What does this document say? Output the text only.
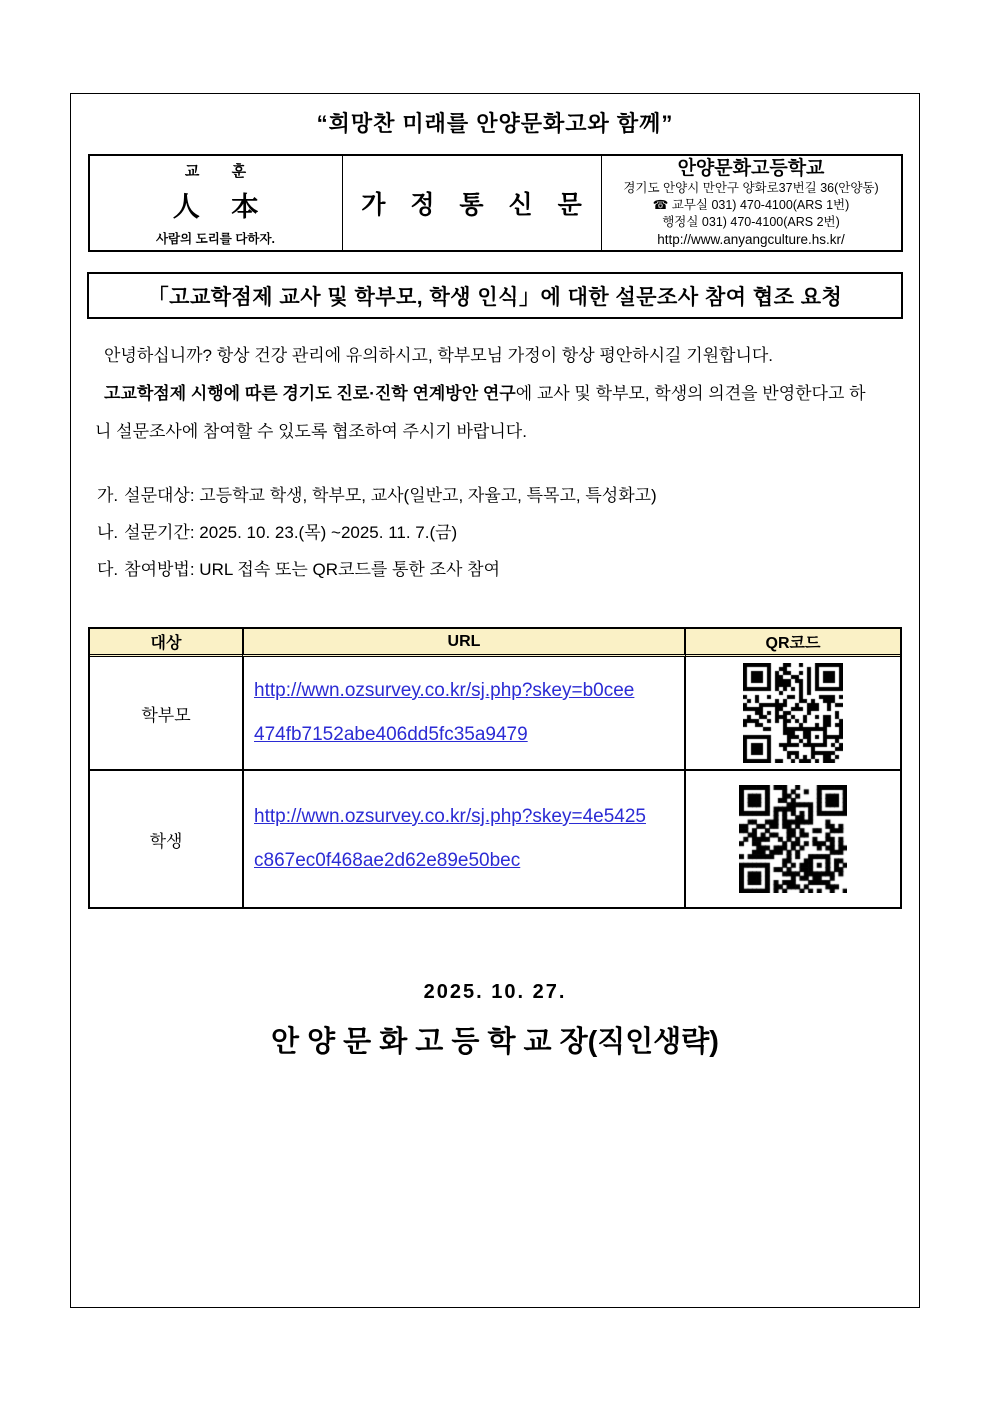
“희망찬 미래를 안양문화고와 함께”
교 훈
人 本
사람의 도리를 다하자.
가 정 통 신 문
안양문화고등학교
경기도 안양시 만안구 양화로37번길 36(안양동)
☎ 교무실 031) 470-4100(ARS 1번)
행정실 031) 470-4100(ARS 2번)
http://www.anyangculture.hs.kr/
「고교학점제 교사 및 학부모, 학생 인식」에 대한 설문조사 참여 협조 요청

안녕하십니까? 항상 건강 관리에 유의하시고, 학부모님 가정이 항상 평안하시길 기원합니다.

고교학점제 시행에 따른 경기도 진로·진학 연계방안 연구에 교사 및 학부모, 학생의 의견을 반영한다고 하니 설문조사에 참여할 수 있도록 협조하여 주시기 바랍니다.

가. 설문대상: 고등학교 학생, 학부모, 교사(일반고, 자율고, 특목고, 특성화고)
나. 설문기간: 2025. 10. 23.(목) ~2025. 11. 7.(금)
다. 참여방법: URL 접속 또는 QR코드를 통한 조사 참여
대상	URL	QR코드
학부모
http://wwn.ozsurvey.co.kr/sj.php?skey=b0cee
474fb7152abe406dd5fc35a9479
학생
http://wwn.ozsurvey.co.kr/sj.php?skey=4e5425
c867ec0f468ae2d62e89e50bec
2025. 10. 27.
안 양 문 화 고 등 학 교 장(직인생략)
